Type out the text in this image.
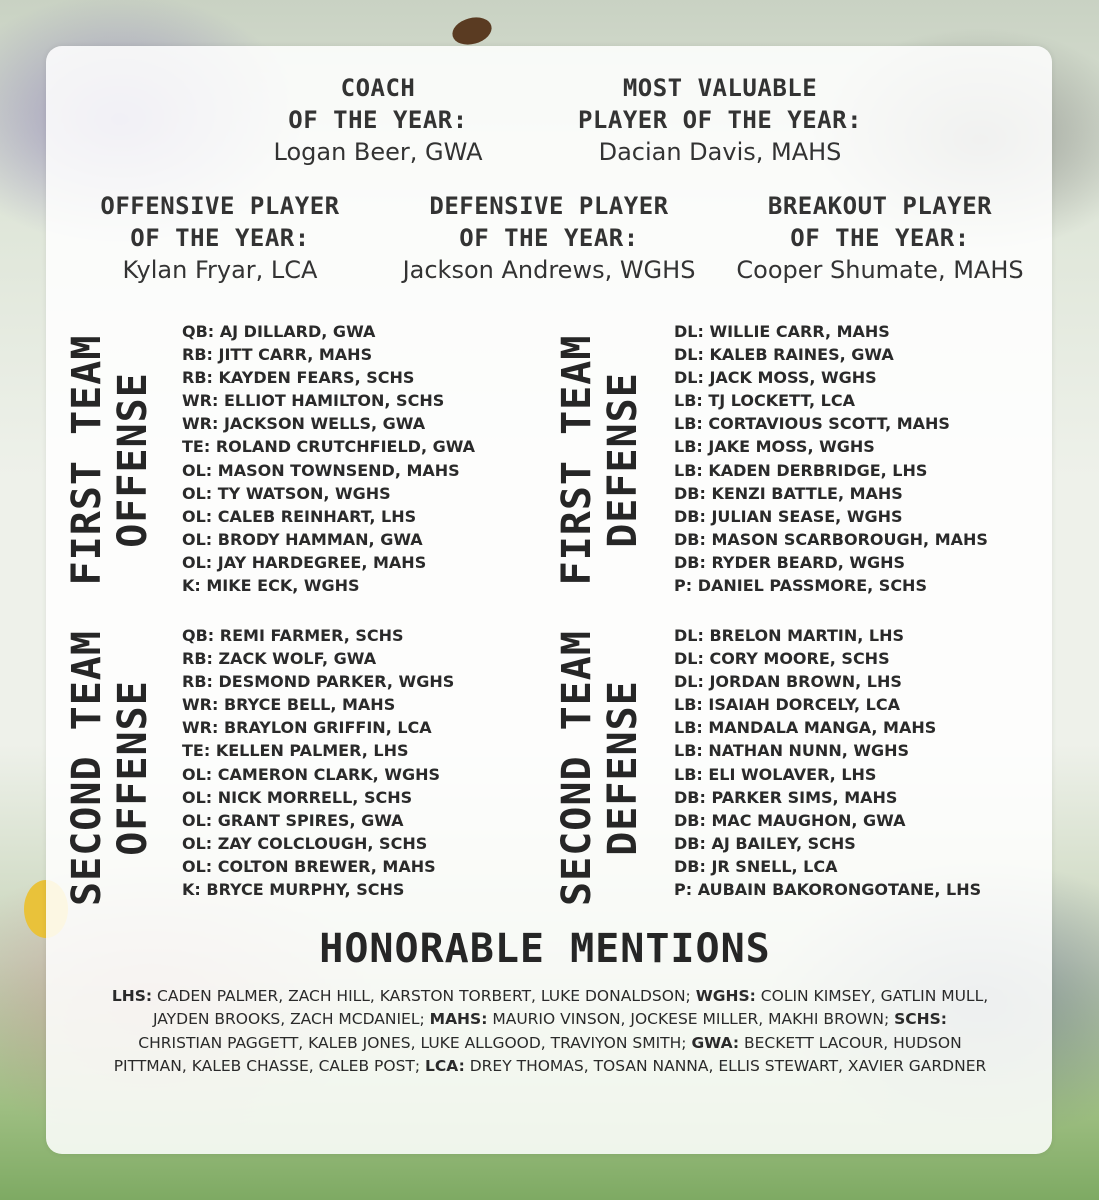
COACH
OF THE YEAR:
Logan Beer, GWA
MOST VALUABLE
PLAYER OF THE YEAR:
Dacian Davis, MAHS
OFFENSIVE PLAYER
OF THE YEAR:
Kylan Fryar, LCA
DEFENSIVE PLAYER
OF THE YEAR:
Jackson Andrews, WGHS
BREAKOUT PLAYER
OF THE YEAR:
Cooper Shumate, MAHS
FIRST TEAM OFFENSE	FIRST TEAM DEFENSE
SECOND TEAM OFFENSE	SECOND TEAM DEFENSE
QB: AJ DILLARD, GWA
RB: JITT CARR, MAHS
RB: KAYDEN FEARS, SCHS
WR: ELLIOT HAMILTON, SCHS
WR: JACKSON WELLS, GWA
TE: ROLAND CRUTCHFIELD, GWA
OL: MASON TOWNSEND, MAHS
OL: TY WATSON, WGHS
OL: CALEB REINHART, LHS
OL: BRODY HAMMAN, GWA
OL: JAY HARDEGREE, MAHS
K: MIKE ECK, WGHS
DL: WILLIE CARR, MAHS
DL: KALEB RAINES, GWA
DL: JACK MOSS, WGHS
LB: TJ LOCKETT, LCA
LB: CORTAVIOUS SCOTT, MAHS
LB: JAKE MOSS, WGHS
LB: KADEN DERBRIDGE, LHS
DB: KENZI BATTLE, MAHS
DB: JULIAN SEASE, WGHS
DB: MASON SCARBOROUGH, MAHS
DB: RYDER BEARD, WGHS
P: DANIEL PASSMORE, SCHS
QB: REMI FARMER, SCHS
RB: ZACK WOLF, GWA
RB: DESMOND PARKER, WGHS
WR: BRYCE BELL, MAHS
WR: BRAYLON GRIFFIN, LCA
TE: KELLEN PALMER, LHS
OL: CAMERON CLARK, WGHS
OL: NICK MORRELL, SCHS
OL: GRANT SPIRES, GWA
OL: ZAY COLCLOUGH, SCHS
OL: COLTON BREWER, MAHS
K: BRYCE MURPHY, SCHS
DL: BRELON MARTIN, LHS
DL: CORY MOORE, SCHS
DL: JORDAN BROWN, LHS
LB: ISAIAH DORCELY, LCA
LB: MANDALA MANGA, MAHS
LB: NATHAN NUNN, WGHS
LB: ELI WOLAVER, LHS
DB: PARKER SIMS, MAHS
DB: MAC MAUGHON, GWA
DB: AJ BAILEY, SCHS
DB: JR SNELL, LCA
P: AUBAIN BAKORONGOTANE, LHS
HONORABLE MENTIONS
LHS: CADEN PALMER, ZACH HILL, KARSTON TORBERT, LUKE DONALDSON; WGHS: COLIN KIMSEY, GATLIN MULL, JAYDEN BROOKS, ZACH MCDANIEL; MAHS: MAURIO VINSON, JOCKESE MILLER, MAKHI BROWN; SCHS: CHRISTIAN PAGGETT, KALEB JONES, LUKE ALLGOOD, TRAVIYON SMITH; GWA: BECKETT LACOUR, HUDSON PITTMAN, KALEB CHASSE, CALEB POST; LCA: DREY THOMAS, TOSAN NANNA, ELLIS STEWART, XAVIER GARDNER
